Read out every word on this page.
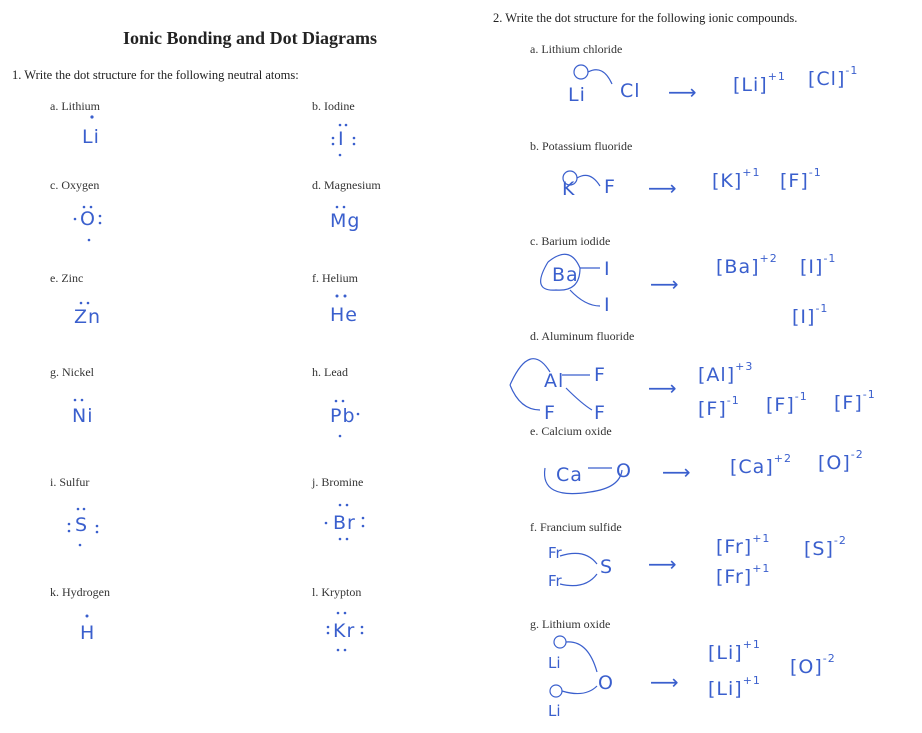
Ionic Bonding and Dot Diagrams
1. Write the dot structure for the following neutral atoms:
2. Write the dot structure for the following ionic compounds.
a. Lithium
Li
b. Iodine
I
c. Oxygen
O
d. Magnesium
Mg
e. Zinc
Zn
f. Helium
He
g. Nickel
Ni
h. Lead
Pb
i. Sulfur
S
j. Bromine
Br
k. Hydrogen
H
l. Krypton
Kr
a. Lithium chloride
Li Cl ⟶ $[Li]^{+1}$ $[Cl]^{-1}$
b. Potassium fluoride
K F ⟶ $[K]^{+1}$ $[F]^{-1}$
c. Barium iodide
Ba I
I
⟶
$[Ba]^{+2}$ $[I]^{-1}$
$[I]^{-1}$
d. Aluminum fluoride
Al F
F F
⟶
$[Al]^{+3}$
$[F]^{-1}$ $[F]^{-1}$ $[F]^{-1}$
e. Calcium oxide
Ca O ⟶ $[Ca]^{+2}$ $[O]^{-2}$
f. Francium sulfide
Fr
Fr
S ⟶
$[Fr]^{+1}$
$[Fr]^{+1}$
$[S]^{-2}$
g. Lithium oxide
Li
Li
O ⟶
$[Li]^{+1}$
$[Li]^{+1}$
$[O]^{-2}$
